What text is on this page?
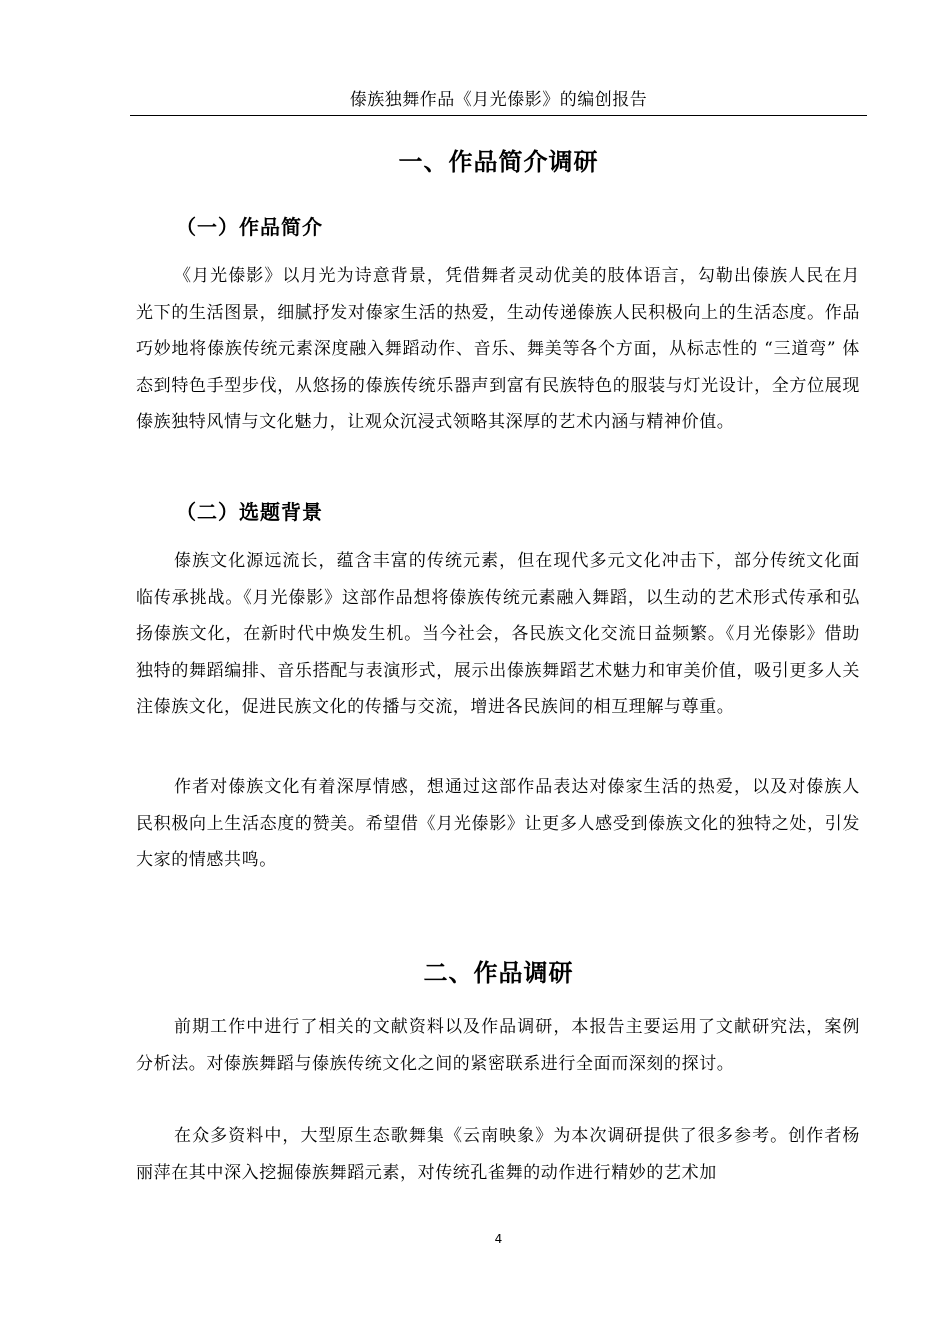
傣族独舞作品《月光傣影》的编创报告
一、作品简介调研
（一）作品简介

《月光傣影》以月光为诗意背景，凭借舞者灵动优美的肢体语言，勾勒出傣族人民在月光下的生活图景，细腻抒发对傣家生活的热爱，生动传递傣族人民积极向上的生活态度。作品巧妙地将傣族传统元素深度融入舞蹈动作、音乐、舞美等各个方面，从标志性的 “三道弯” 体态到特色手型步伐，从悠扬的傣族传统乐器声到富有民族特色的服装与灯光设计，全方位展现傣族独特风情与文化魅力，让观众沉浸式领略其深厚的艺术内涵与精神价值。

（二）选题背景

傣族文化源远流长，蕴含丰富的传统元素，但在现代多元文化冲击下，部分传统文化面临传承挑战。《月光傣影》这部作品想将傣族传统元素融入舞蹈，以生动的艺术形式传承和弘扬傣族文化，在新时代中焕发生机。当今社会，各民族文化交流日益频繁。《月光傣影》借助独特的舞蹈编排、音乐搭配与表演形式，展示出傣族舞蹈艺术魅力和审美价值，吸引更多人关注傣族文化，促进民族文化的传播与交流，增进各民族间的相互理解与尊重。

作者对傣族文化有着深厚情感，想通过这部作品表达对傣家生活的热爱，以及对傣族人民积极向上生活态度的赞美。希望借《月光傣影》让更多人感受到傣族文化的独特之处，引发大家的情感共鸣。

二、作品调研

前期工作中进行了相关的文献资料以及作品调研，本报告主要运用了文献研究法，案例分析法。对傣族舞蹈与傣族传统文化之间的紧密联系进行全面而深刻的探讨。

在众多资料中，大型原生态歌舞集《云南映象》为本次调研提供了很多参考。创作者杨丽萍在其中深入挖掘傣族舞蹈元素，对传统孔雀舞的动作进行精妙的艺术加

4
